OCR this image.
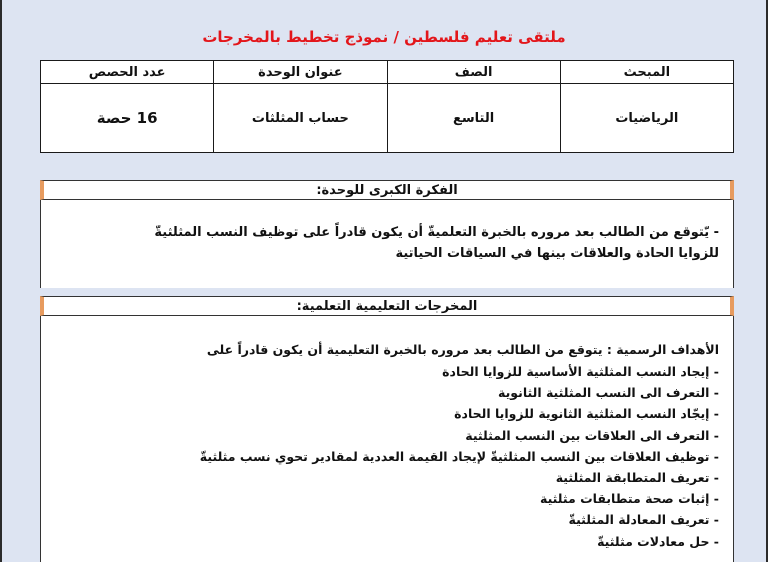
ملتقى تعليم فلسطين / نموذج تخطيط بالمخرجات
المبحث	الصف	عنوان الوحدة	عدد الحصص
الرياضيات	التاسع	حساب المثلثات	16 حصة
الفكرة الكبرى للوحدة:
- يّتوقع من الطالب بعد مروره بالخبرة التعلميةّ أن يكون قادراً على توظيف النسب المثلثيةّ للزوايا الحادة والعلاقات بينها في السياقات الحياتية
المخرجات التعليمية التعلمية:
الأهداف الرسمية : يتوقع من الطالب بعد مروره بالخبرة التعليمية أن يكون قادراً على
- إيجاد النسب المثلثية الأساسية للزوايا الحادة
- التعرف الى النسب المثلثية الثانوية
- إيجّاد النسب المثلثية الثانوية للزوايا الحادة
- التعرف الى العلاقات بين النسب المثلثية
- توظيف العلاقات بين النسب المثلثيةّ لإيجاد القيمة العددية لمقادير تحوي نسب مثلثيةّ
- تعريف المتطابقة المثلثية
- إثبات صحة متطابقات مثلثية
- تعريف المعادلة المثلثيةّ
- حل معادلات مثلثيةّ
